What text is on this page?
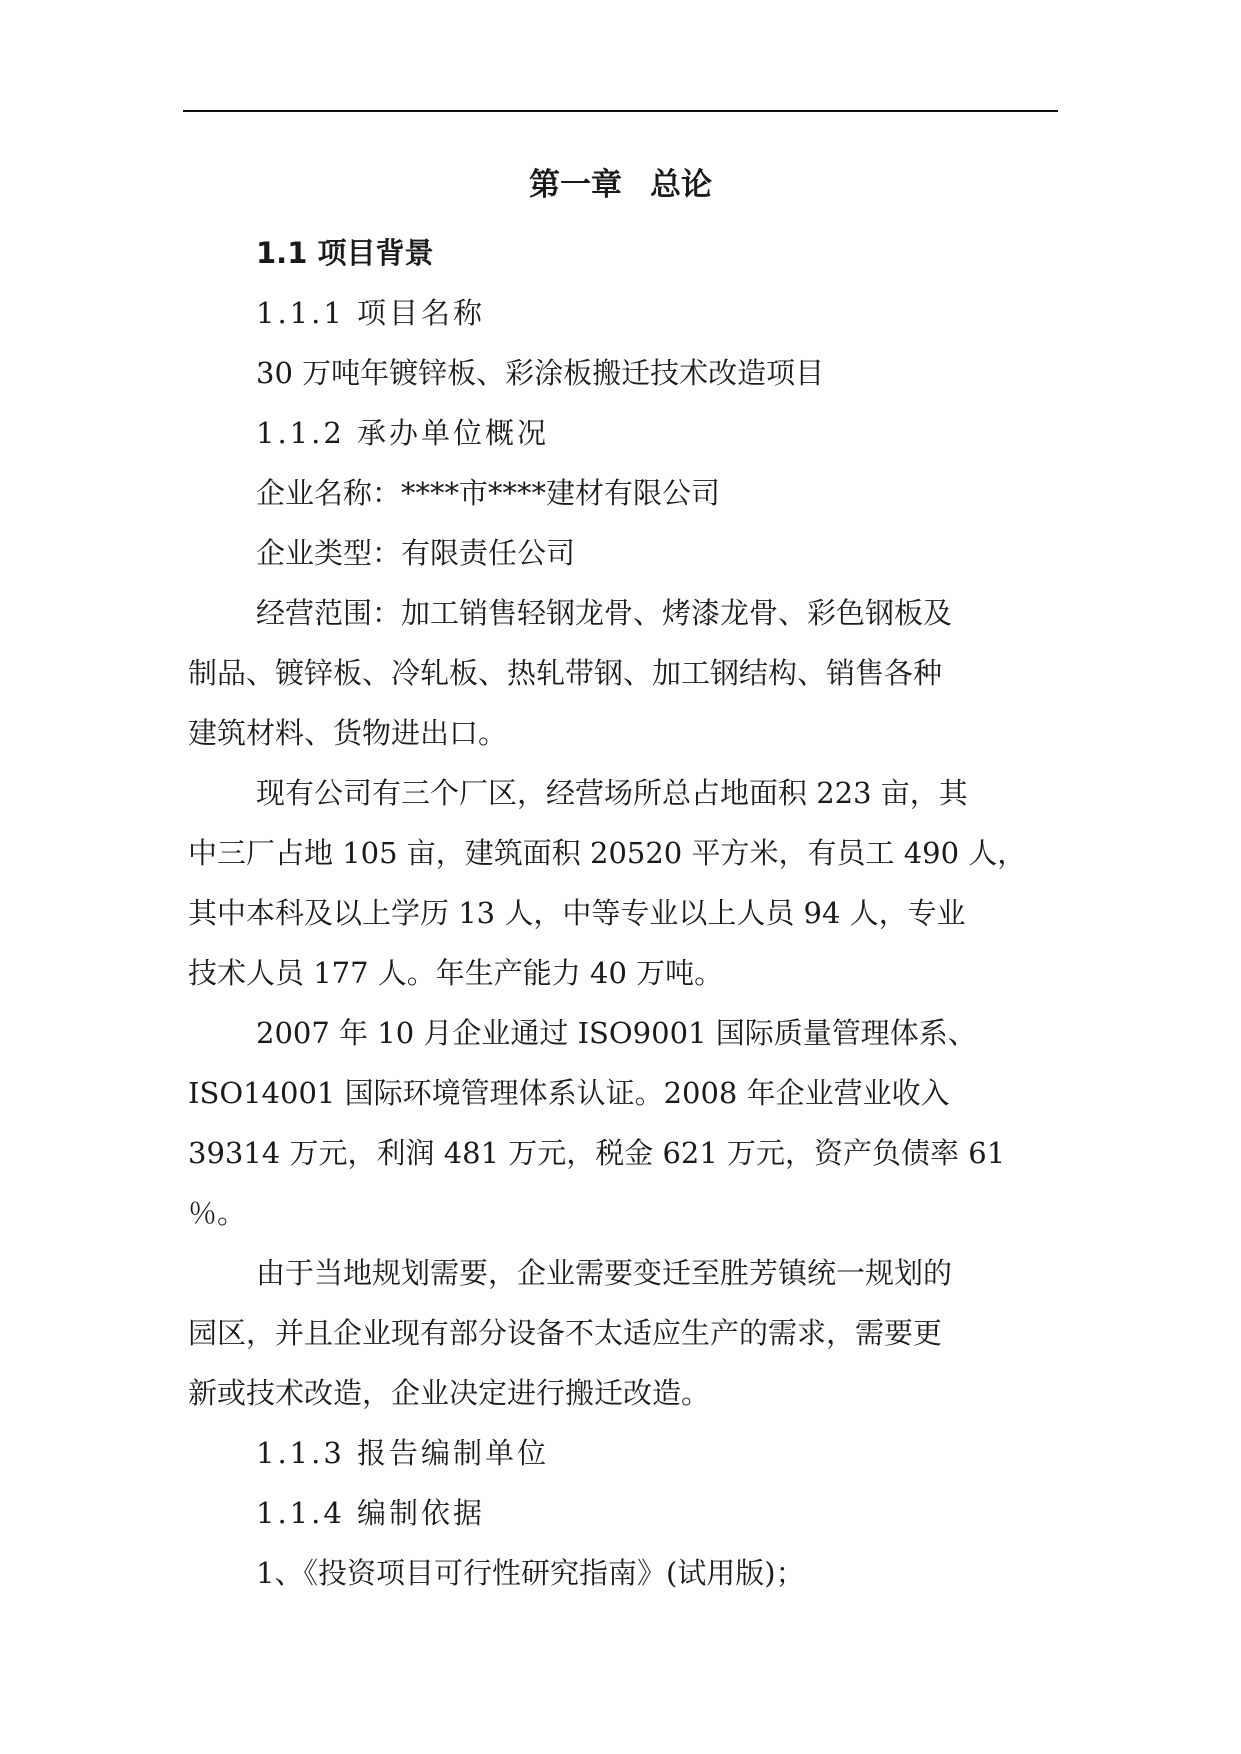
第一章 总论

1.1 项目背景

1.1.1 项目名称

30 万吨年镀锌板、彩涂板搬迁技术改造项目

1.1.2 承办单位概况

企业名称：****市****建材有限公司

企业类型：有限责任公司

经营范围：加工销售轻钢龙骨、烤漆龙骨、彩色钢板及

制品、镀锌板、冷轧板、热轧带钢、加工钢结构、销售各种

建筑材料、货物进出口。

现有公司有三个厂区，经营场所总占地面积 223 亩，其

中三厂占地 105 亩，建筑面积 20520 平方米，有员工 490 人，

其中本科及以上学历 13 人，中等专业以上人员 94 人，专业

技术人员 177 人。年生产能力 40 万吨。

2007 年 10 月企业通过 ISO9001 国际质量管理体系、

ISO14001 国际环境管理体系认证。2008 年企业营业收入

39314 万元，利润 481 万元，税金 621 万元，资产负债率 61

％。

由于当地规划需要，企业需要变迁至胜芳镇统一规划的

园区，并且企业现有部分设备不太适应生产的需求，需要更

新或技术改造，企业决定进行搬迁改造。

1.1.3 报告编制单位

1.1.4 编制依据

1、《投资项目可行性研究指南》(试用版)；
